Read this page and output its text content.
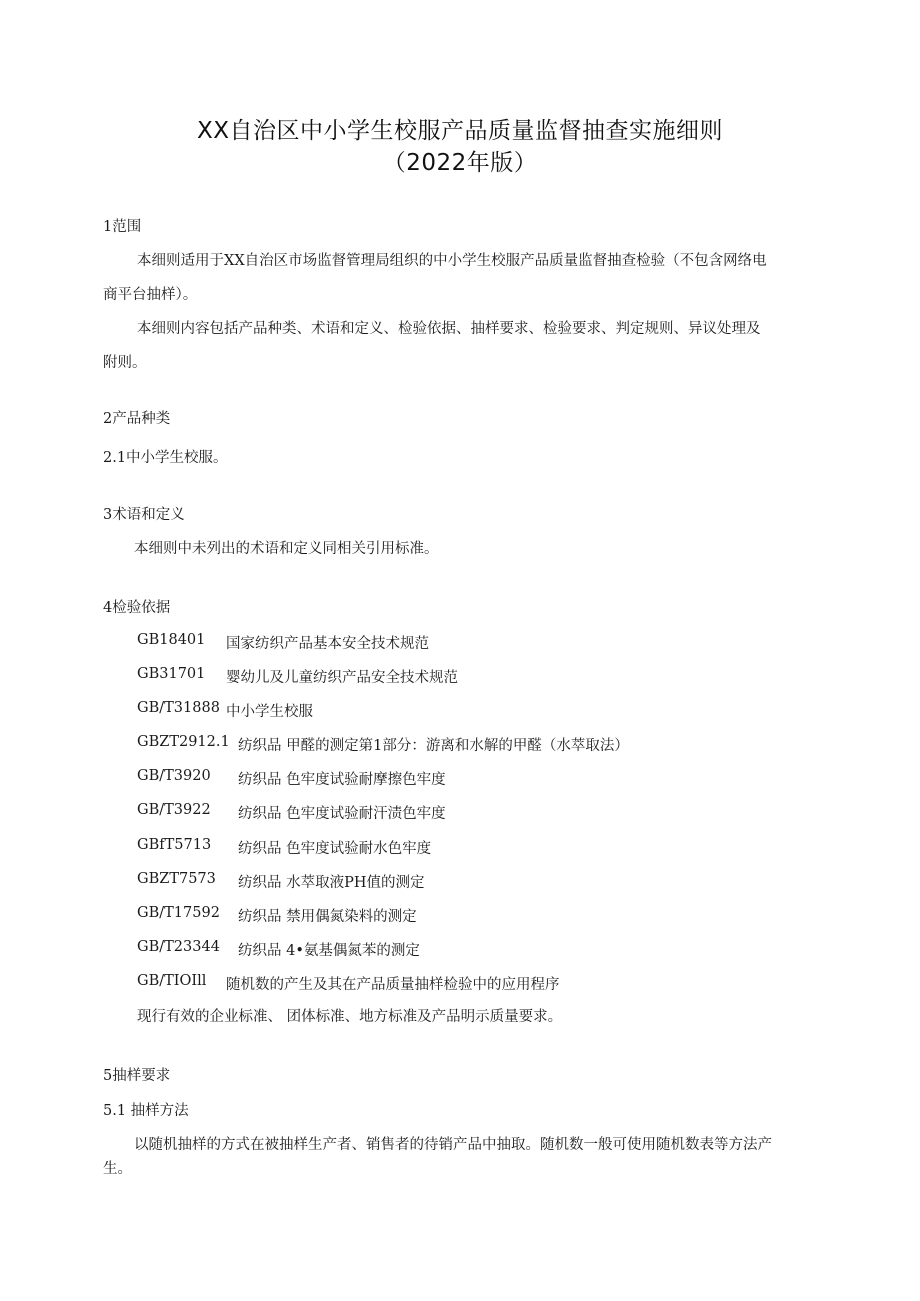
XX自治区中小学生校服产品质量监督抽查实施细则
（2022年版）
1范围
本细则适用于XX自治区市场监督管理局组织的中小学生校服产品质量监督抽查检验（不包含网络电
商平台抽样）。
本细则内容包括产品种类、术语和定义、检验依据、抽样要求、检验要求、判定规则、异议处理及
附则。
2产品种类
2.1中小学生校服。
3术语和定义
本细则中未列出的术语和定义同相关引用标准。
4检验依据
GB18401 国家纺织产品基本安全技术规范
GB31701 婴幼儿及儿童纺织产品安全技术规范
GB/T31888 中小学生校服
GBZT2912.1 纺织品 甲醛的测定第1部分：游离和水解的甲醛（水萃取法）
GB/T3920 纺织品 色牢度试验耐摩擦色牢度
GB/T3922 纺织品 色牢度试验耐汗渍色牢度
GBfT5713 纺织品 色牢度试验耐水色牢度
GBZT7573 纺织品 水萃取液PH值的测定
GB/T17592 纺织品 禁用偶氮染料的测定
GB/T23344 纺织品 4•氨基偶氮苯的测定
GB/TIOIll 随机数的产生及其在产品质量抽样检验中的应用程序
现行有效的企业标准、 团体标准、地方标准及产品明示质量要求。
5抽样要求
5.1 抽样方法
以随机抽样的方式在被抽样生产者、销售者的待销产品中抽取。随机数一般可使用随机数表等方法产
生。
